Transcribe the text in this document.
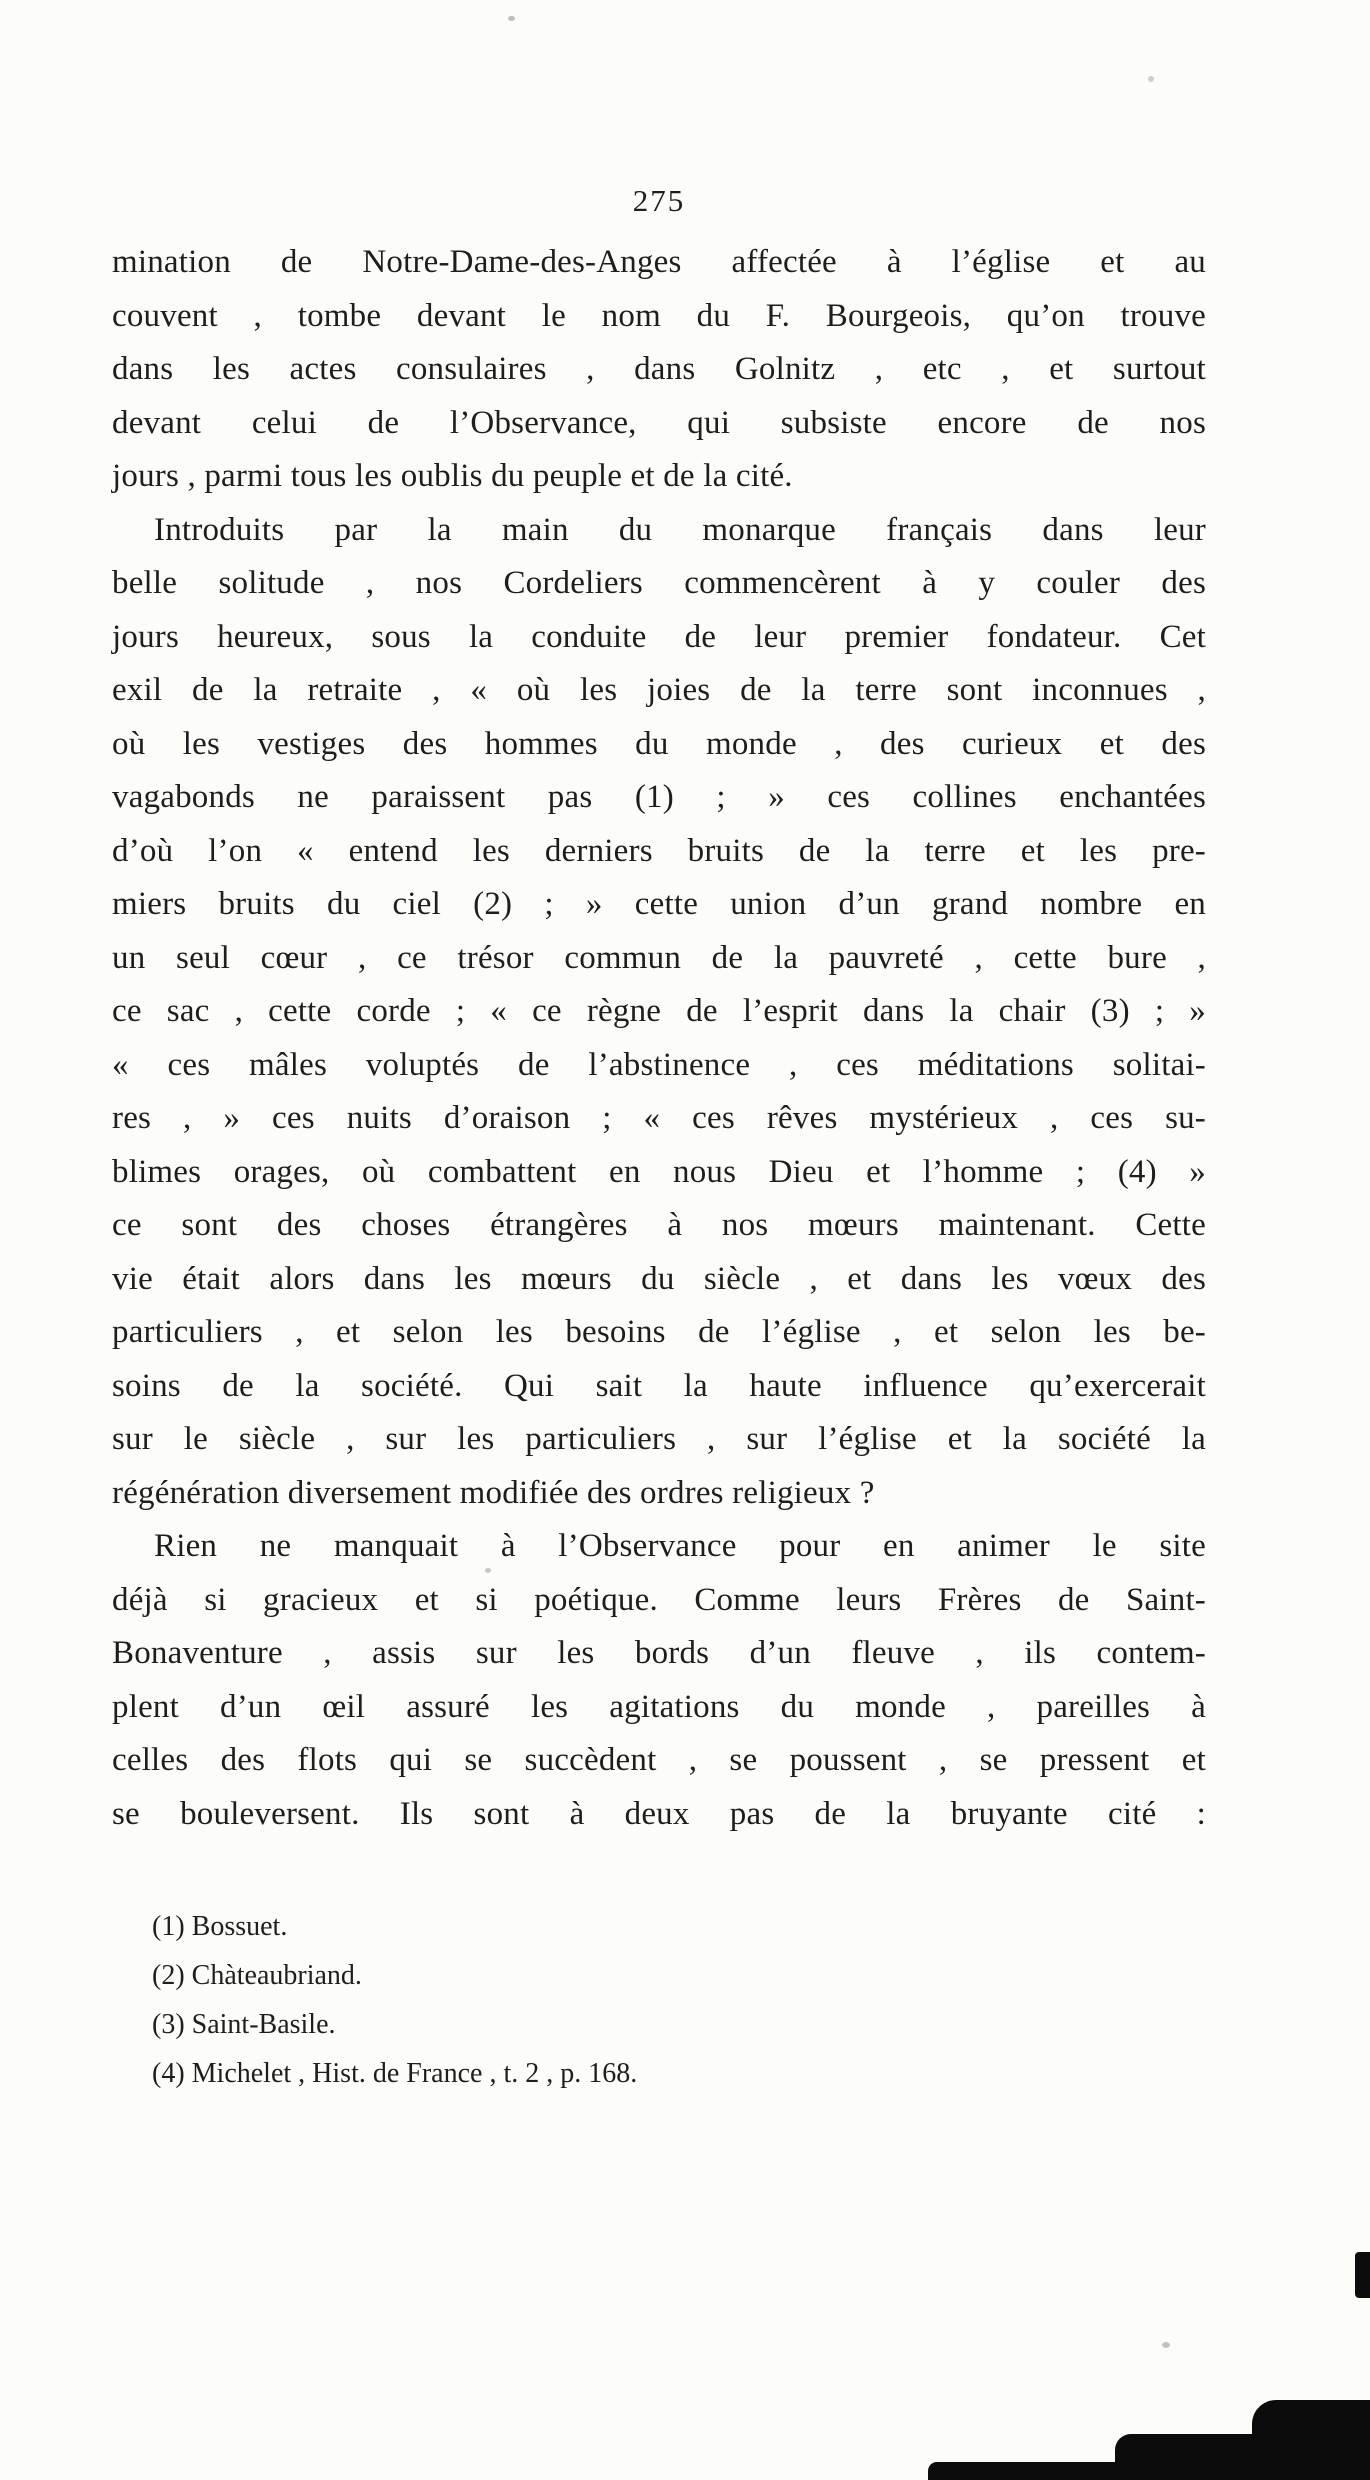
275
mination de Notre-Dame-des-Anges affectée à l’église et au
couvent , tombe devant le nom du F. Bourgeois, qu’on trouve
dans les actes consulaires , dans Golnitz , etc , et surtout
devant celui de l’Observance, qui subsiste encore de nos
jours , parmi tous les oublis du peuple et de la cité.
Introduits par la main du monarque français dans leur
belle solitude , nos Cordeliers commencèrent à y couler des
jours heureux, sous la conduite de leur premier fondateur. Cet
exil de la retraite , « où les joies de la terre sont inconnues ,
où les vestiges des hommes du monde , des curieux et des
vagabonds ne paraissent pas (1) ; » ces collines enchantées
d’où l’on « entend les derniers bruits de la terre et les pre-
miers bruits du ciel (2) ; » cette union d’un grand nombre en
un seul cœur , ce trésor commun de la pauvreté , cette bure ,
ce sac , cette corde ; « ce règne de l’esprit dans la chair (3) ; »
« ces mâles voluptés de l’abstinence , ces méditations solitai-
res , » ces nuits d’oraison ; « ces rêves mystérieux , ces su-
blimes orages, où combattent en nous Dieu et l’homme ; (4) »
ce sont des choses étrangères à nos mœurs maintenant. Cette
vie était alors dans les mœurs du siècle , et dans les vœux des
particuliers , et selon les besoins de l’église , et selon les be-
soins de la société. Qui sait la haute influence qu’exercerait
sur le siècle , sur les particuliers , sur l’église et la société la
régénération diversement modifiée des ordres religieux ?
Rien ne manquait à l’Observance pour en animer le site
déjà si gracieux et si poétique. Comme leurs Frères de Saint-
Bonaventure , assis sur les bords d’un fleuve , ils contem-
plent d’un œil assuré les agitations du monde , pareilles à
celles des flots qui se succèdent , se poussent , se pressent et
se bouleversent. Ils sont à deux pas de la bruyante cité :
(1) Bossuet.
(2) Chàteaubriand.
(3) Saint-Basile.
(4) Michelet , Hist. de France , t. 2 , p. 168.
